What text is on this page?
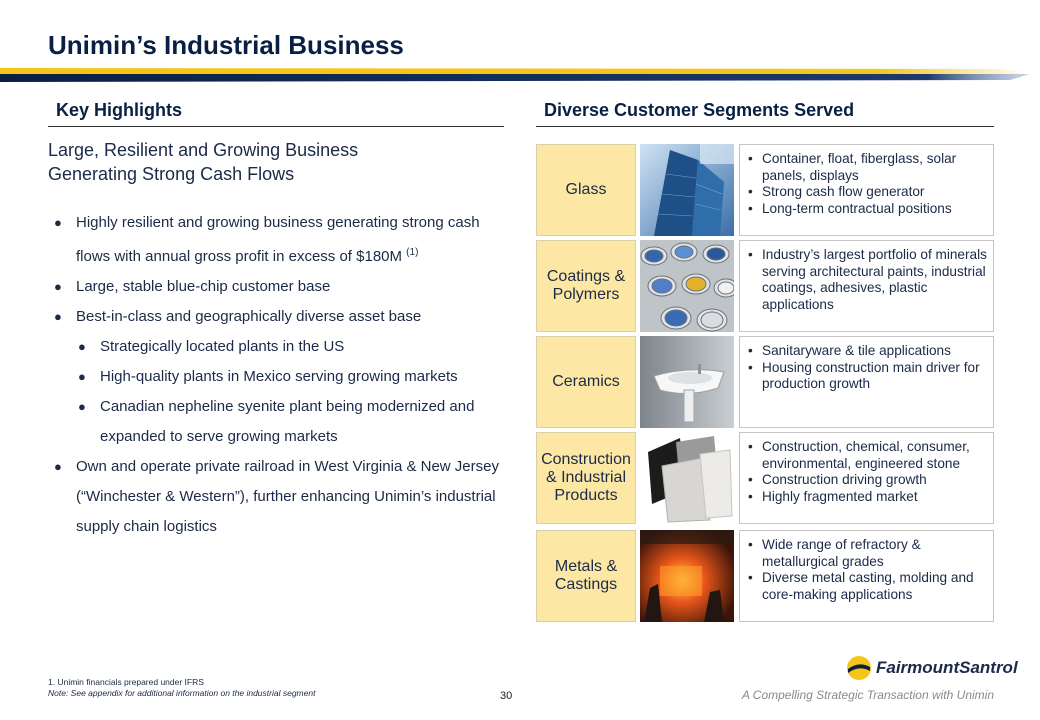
Unimin’s Industrial Business
Key Highlights	Diverse Customer Segments Served
Large, Resilient and Growing Business
Generating Strong Cash Flows
● Highly resilient and growing business generating strong cash flows with annual gross profit in excess of $180M $^{(1)}$
● Large, stable blue-chip customer base
● Best-in-class and geographically diverse asset base
● Strategically located plants in the US
● High-quality plants in Mexico serving growing markets
● Canadian nepheline syenite plant being modernized and expanded to serve growing markets
● Own and operate private railroad in West Virginia & New Jersey (“Winchester & Western”), further enhancing Unimin’s industrial supply chain logistics
Glass
• Container, float, fiberglass, solar panels, displays
• Strong cash flow generator
• Long-term contractual positions
Coatings & Polymers
• Industry’s largest portfolio of minerals serving architectural paints, industrial coatings, adhesives, plastic applications
Ceramics
• Sanitaryware & tile applications
• Housing construction main driver for production growth
Construction & Industrial Products
• Construction, chemical, consumer, environmental, engineered stone
• Construction driving growth
• Highly fragmented market
Metals & Castings
• Wide range of refractory & metallurgical grades
• Diverse metal casting, molding and core-making applications
1. Unimin financials prepared under IFRS
Note: See appendix for additional information on the industrial segment	30
FairmountSantrol
A Compelling Strategic Transaction with Unimin
